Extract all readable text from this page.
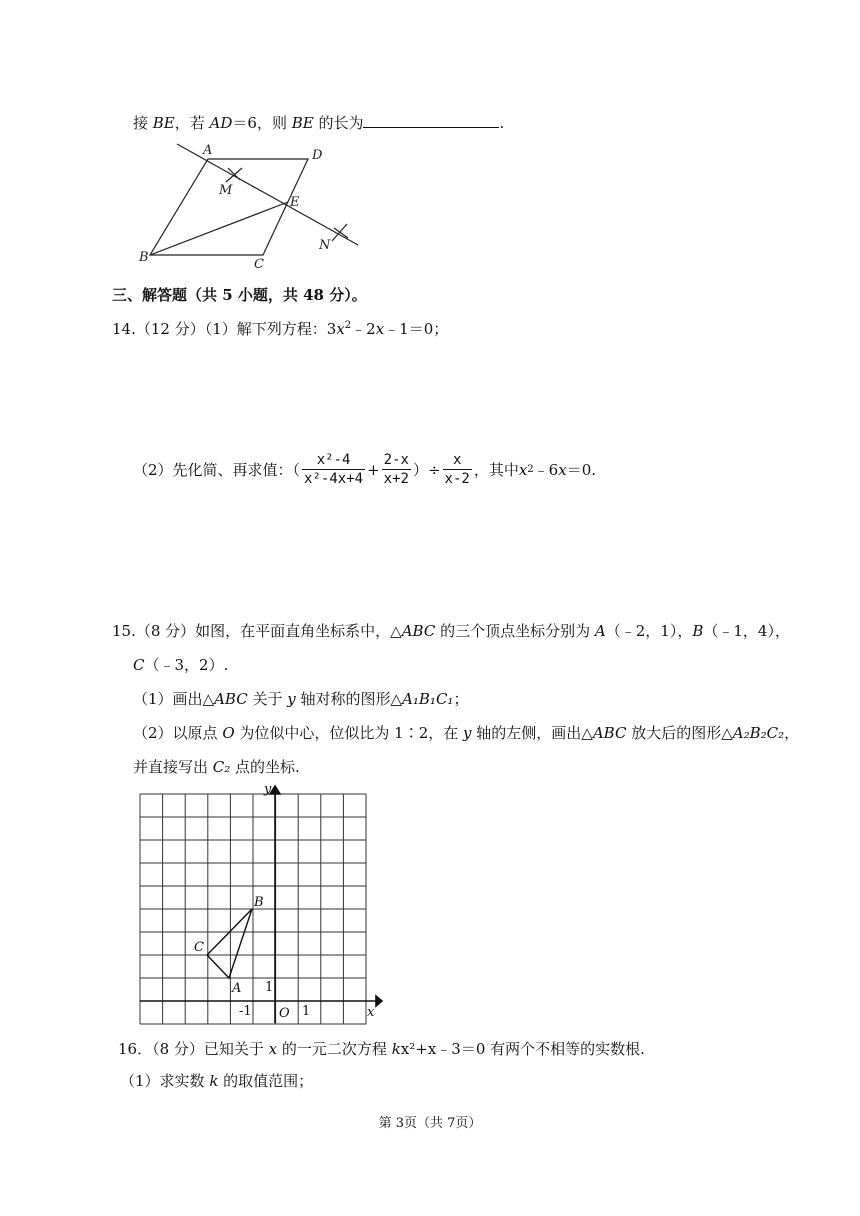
接 BE，若 AD＝6，则 BE 的长为	.
A	D
M
E
N
B	C
三、解答题（共 5 小题，共 48 分）。
14.（12 分）（1）解下列方程：$3x^2﹣2x﹣1=0$；
（2）先化简、再求值：（ $\frac{\text{x²-4}}{\text{x²-4x+4}} + \frac{2-x}{x+2}$ ）÷ $\frac{x}{x-2}$ ，其中 x 2 ﹣6 x ＝0.
15.（8 分）如图，在平面直角坐标系中，△ABC 的三个顶点坐标分别为 A（﹣2，1），B（﹣1，4），
C（﹣3，2）.
（1）画出△ABC 关于 y 轴对称的图形△A₁B₁C₁；
（2）以原点 O 为位似中心，位似比为 1∶2，在 y 轴的左侧，画出△ABC 放大后的图形△A₂B₂C₂，
并直接写出 C₂ 点的坐标.
y
x
B
C
A 1
-1 O 1
16．（8 分）已知关于 x 的一元二次方程 kx²+x﹣3＝0 有两个不相等的实数根.
（1）求实数 k 的取值范围；
第 3页（共 7页）
